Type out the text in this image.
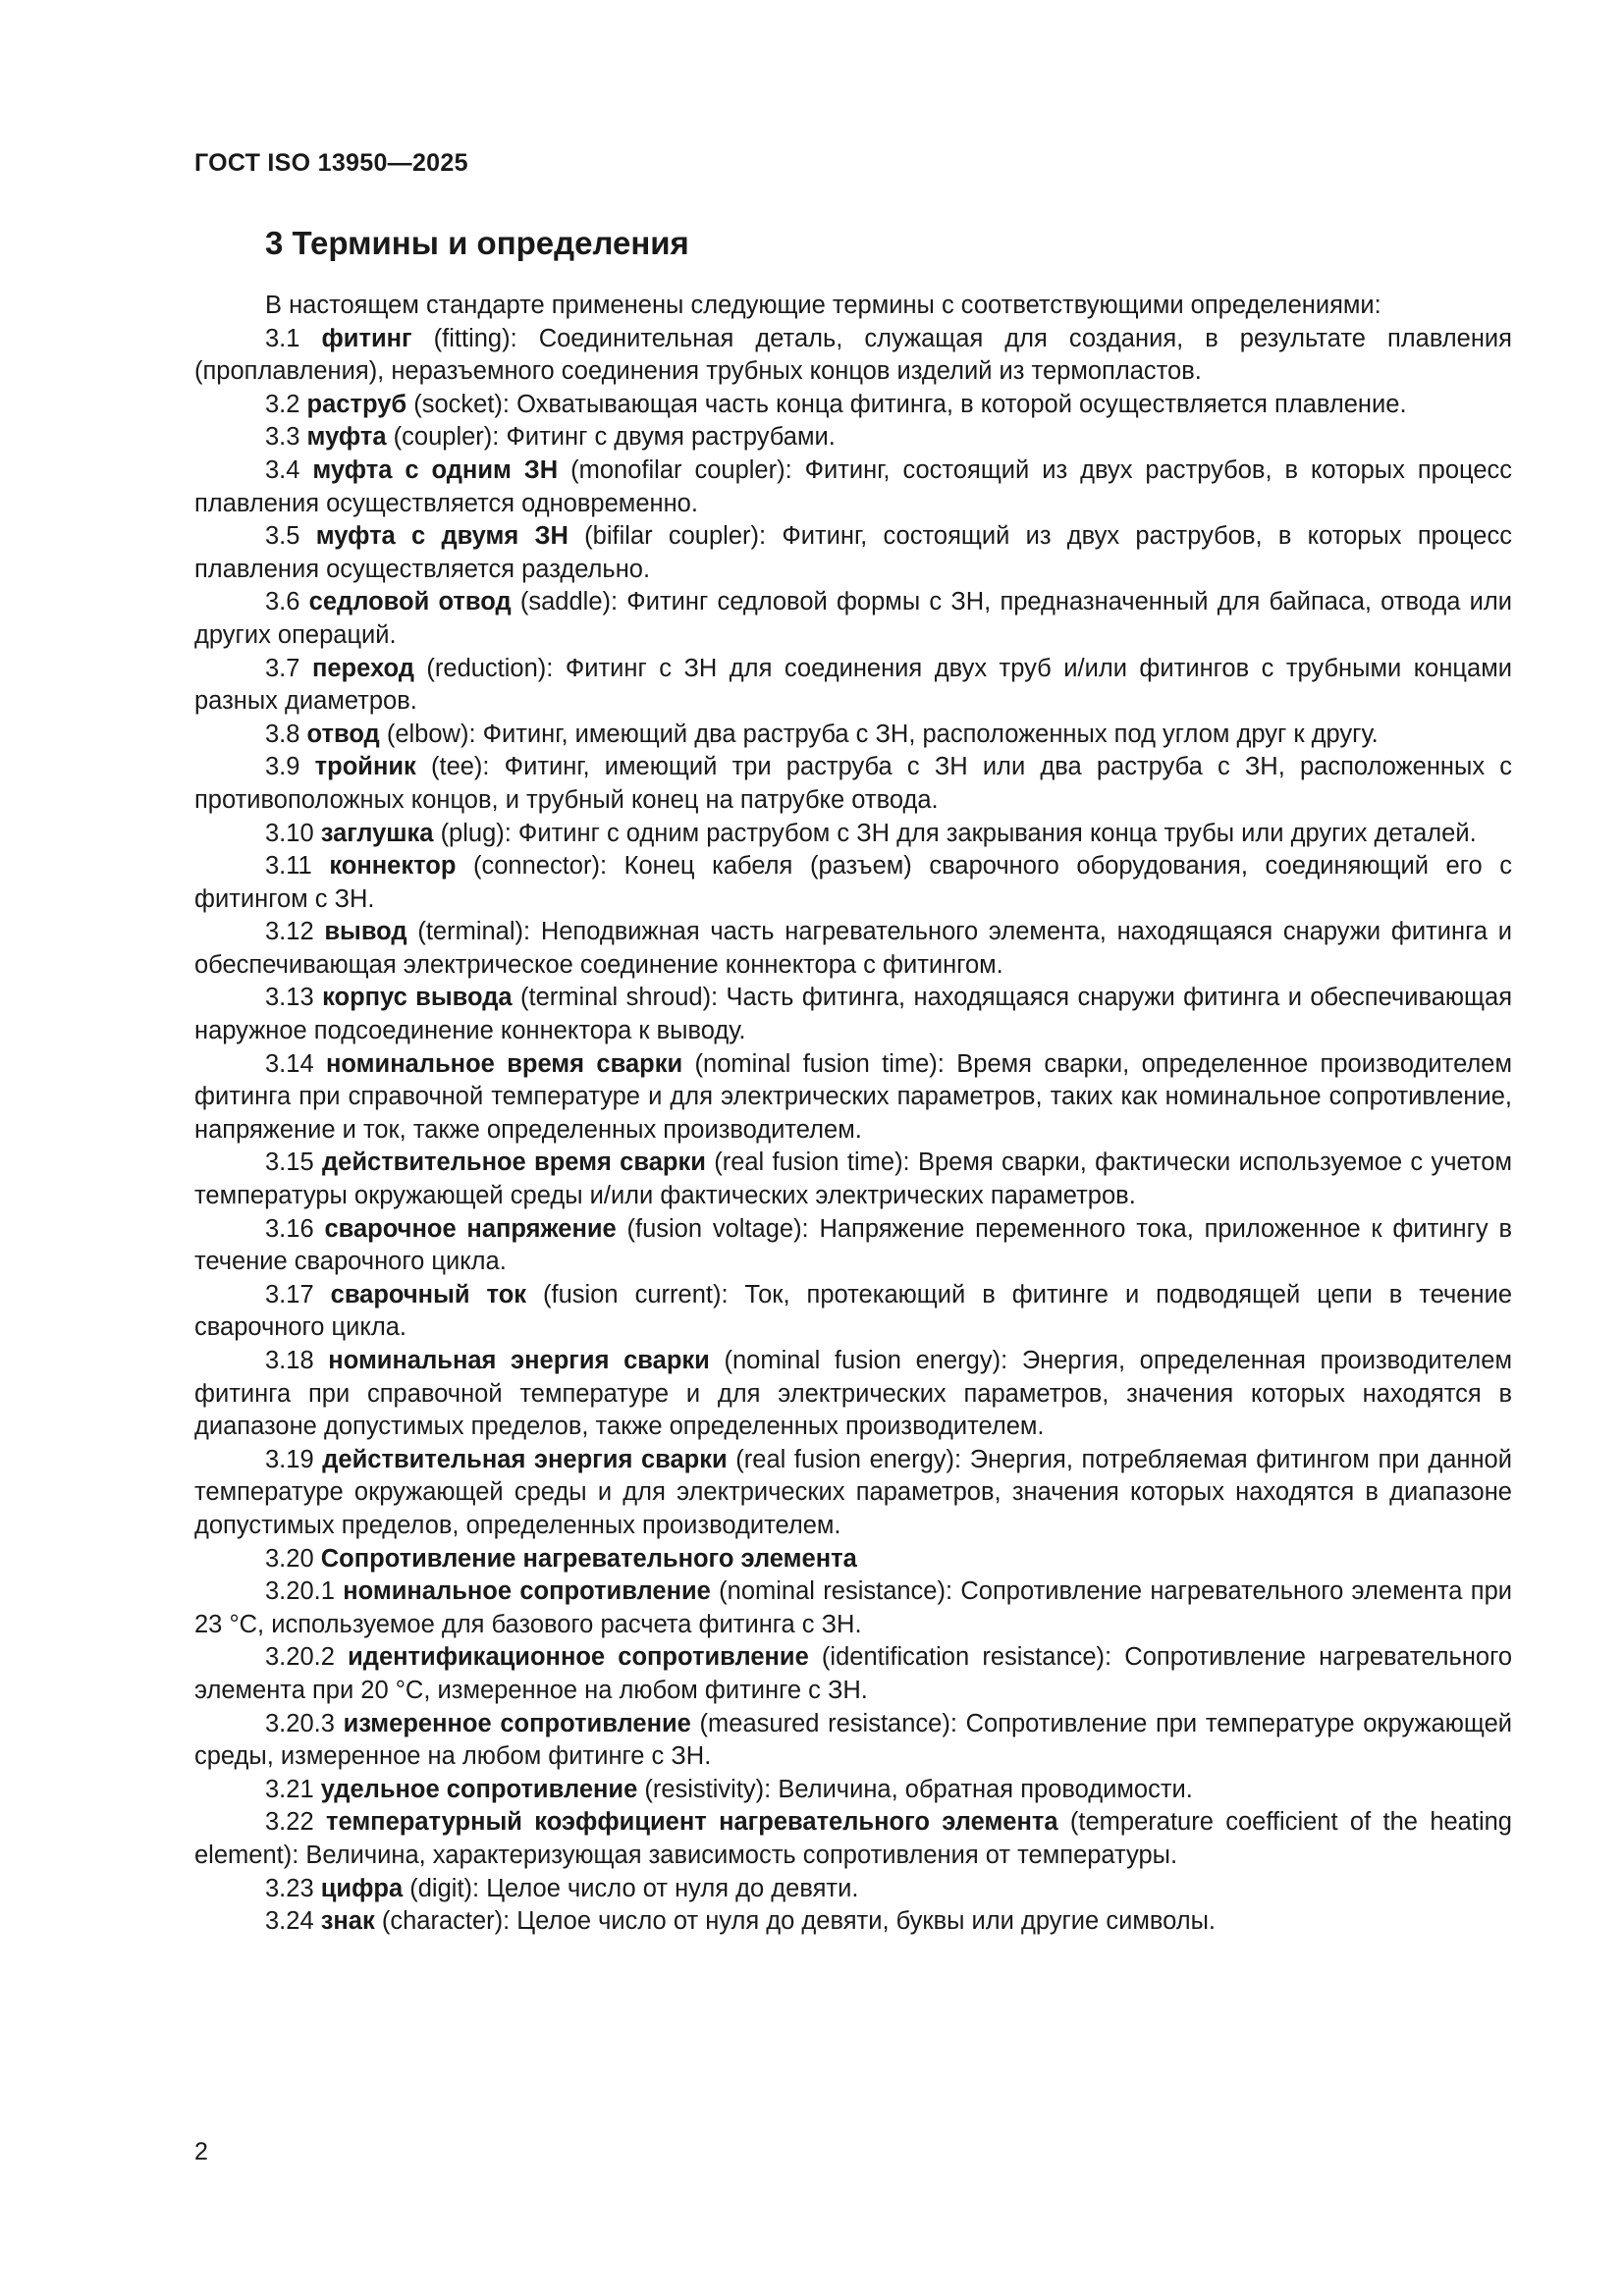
ГОСТ ISO 13950—2025
3 Термины и определения

В настоящем стандарте применены следующие термины с соответствующими определениями:

3.1 фитинг (fitting): Соединительная деталь, служащая для создания, в результате плавления (проплавления), неразъемного соединения трубных концов изделий из термопластов.

3.2 раструб (socket): Охватывающая часть конца фитинга, в которой осуществляется плавление.

3.3 муфта (coupler): Фитинг с двумя раструбами.

3.4 муфта с одним ЗН (monofilar coupler): Фитинг, состоящий из двух раструбов, в которых процесс плавления осуществляется одновременно.

3.5 муфта с двумя ЗН (bifilar coupler): Фитинг, состоящий из двух раструбов, в которых процесс плавления осуществляется раздельно.

3.6 седловой отвод (saddle): Фитинг седловой формы с ЗН, предназначенный для байпаса, отвода или других операций.

3.7 переход (reduction): Фитинг с ЗН для соединения двух труб и/или фитингов с трубными концами разных диаметров.

3.8 отвод (elbow): Фитинг, имеющий два раструба с ЗН, расположенных под углом друг к другу.

3.9 тройник (tee): Фитинг, имеющий три раструба с ЗН или два раструба с ЗН, расположенных с противоположных концов, и трубный конец на патрубке отвода.

3.10 заглушка (plug): Фитинг с одним раструбом с ЗН для закрывания конца трубы или других деталей.

3.11 коннектор (connector): Конец кабеля (разъем) сварочного оборудования, соединяющий его с фитингом с ЗН.

3.12 вывод (terminal): Неподвижная часть нагревательного элемента, находящаяся снаружи фитинга и обеспечивающая электрическое соединение коннектора с фитингом.

3.13 корпус вывода (terminal shroud): Часть фитинга, находящаяся снаружи фитинга и обеспечивающая наружное подсоединение коннектора к выводу.

3.14 номинальное время сварки (nominal fusion time): Время сварки, определенное производителем фитинга при справочной температуре и для электрических параметров, таких как номинальное сопротивление, напряжение и ток, также определенных производителем.

3.15 действительное время сварки (real fusion time): Время сварки, фактически используемое с учетом температуры окружающей среды и/или фактических электрических параметров.

3.16 сварочное напряжение (fusion voltage): Напряжение переменного тока, приложенное к фитингу в течение сварочного цикла.

3.17 сварочный ток (fusion current): Ток, протекающий в фитинге и подводящей цепи в течение сварочного цикла.

3.18 номинальная энергия сварки (nominal fusion energy): Энергия, определенная производителем фитинга при справочной температуре и для электрических параметров, значения которых находятся в диапазоне допустимых пределов, также определенных производителем.

3.19 действительная энергия сварки (real fusion energy): Энергия, потребляемая фитингом при данной температуре окружающей среды и для электрических параметров, значения которых находятся в диапазоне допустимых пределов, определенных производителем.

3.20 Сопротивление нагревательного элемента

3.20.1 номинальное сопротивление (nominal resistance): Сопротивление нагревательного элемента при 23 °С, используемое для базового расчета фитинга с ЗН.

3.20.2 идентификационное сопротивление (identification resistance): Сопротивление нагревательного элемента при 20 °С, измеренное на любом фитинге с ЗН.

3.20.3 измеренное сопротивление (measured resistance): Сопротивление при температуре окружающей среды, измеренное на любом фитинге с ЗН.

3.21 удельное сопротивление (resistivity): Величина, обратная проводимости.

3.22 температурный коэффициент нагревательного элемента (temperature coefficient of the heating element): Величина, характеризующая зависимость сопротивления от температуры.

3.23 цифра (digit): Целое число от нуля до девяти.

3.24 знак (character): Целое число от нуля до девяти, буквы или другие символы.

2
